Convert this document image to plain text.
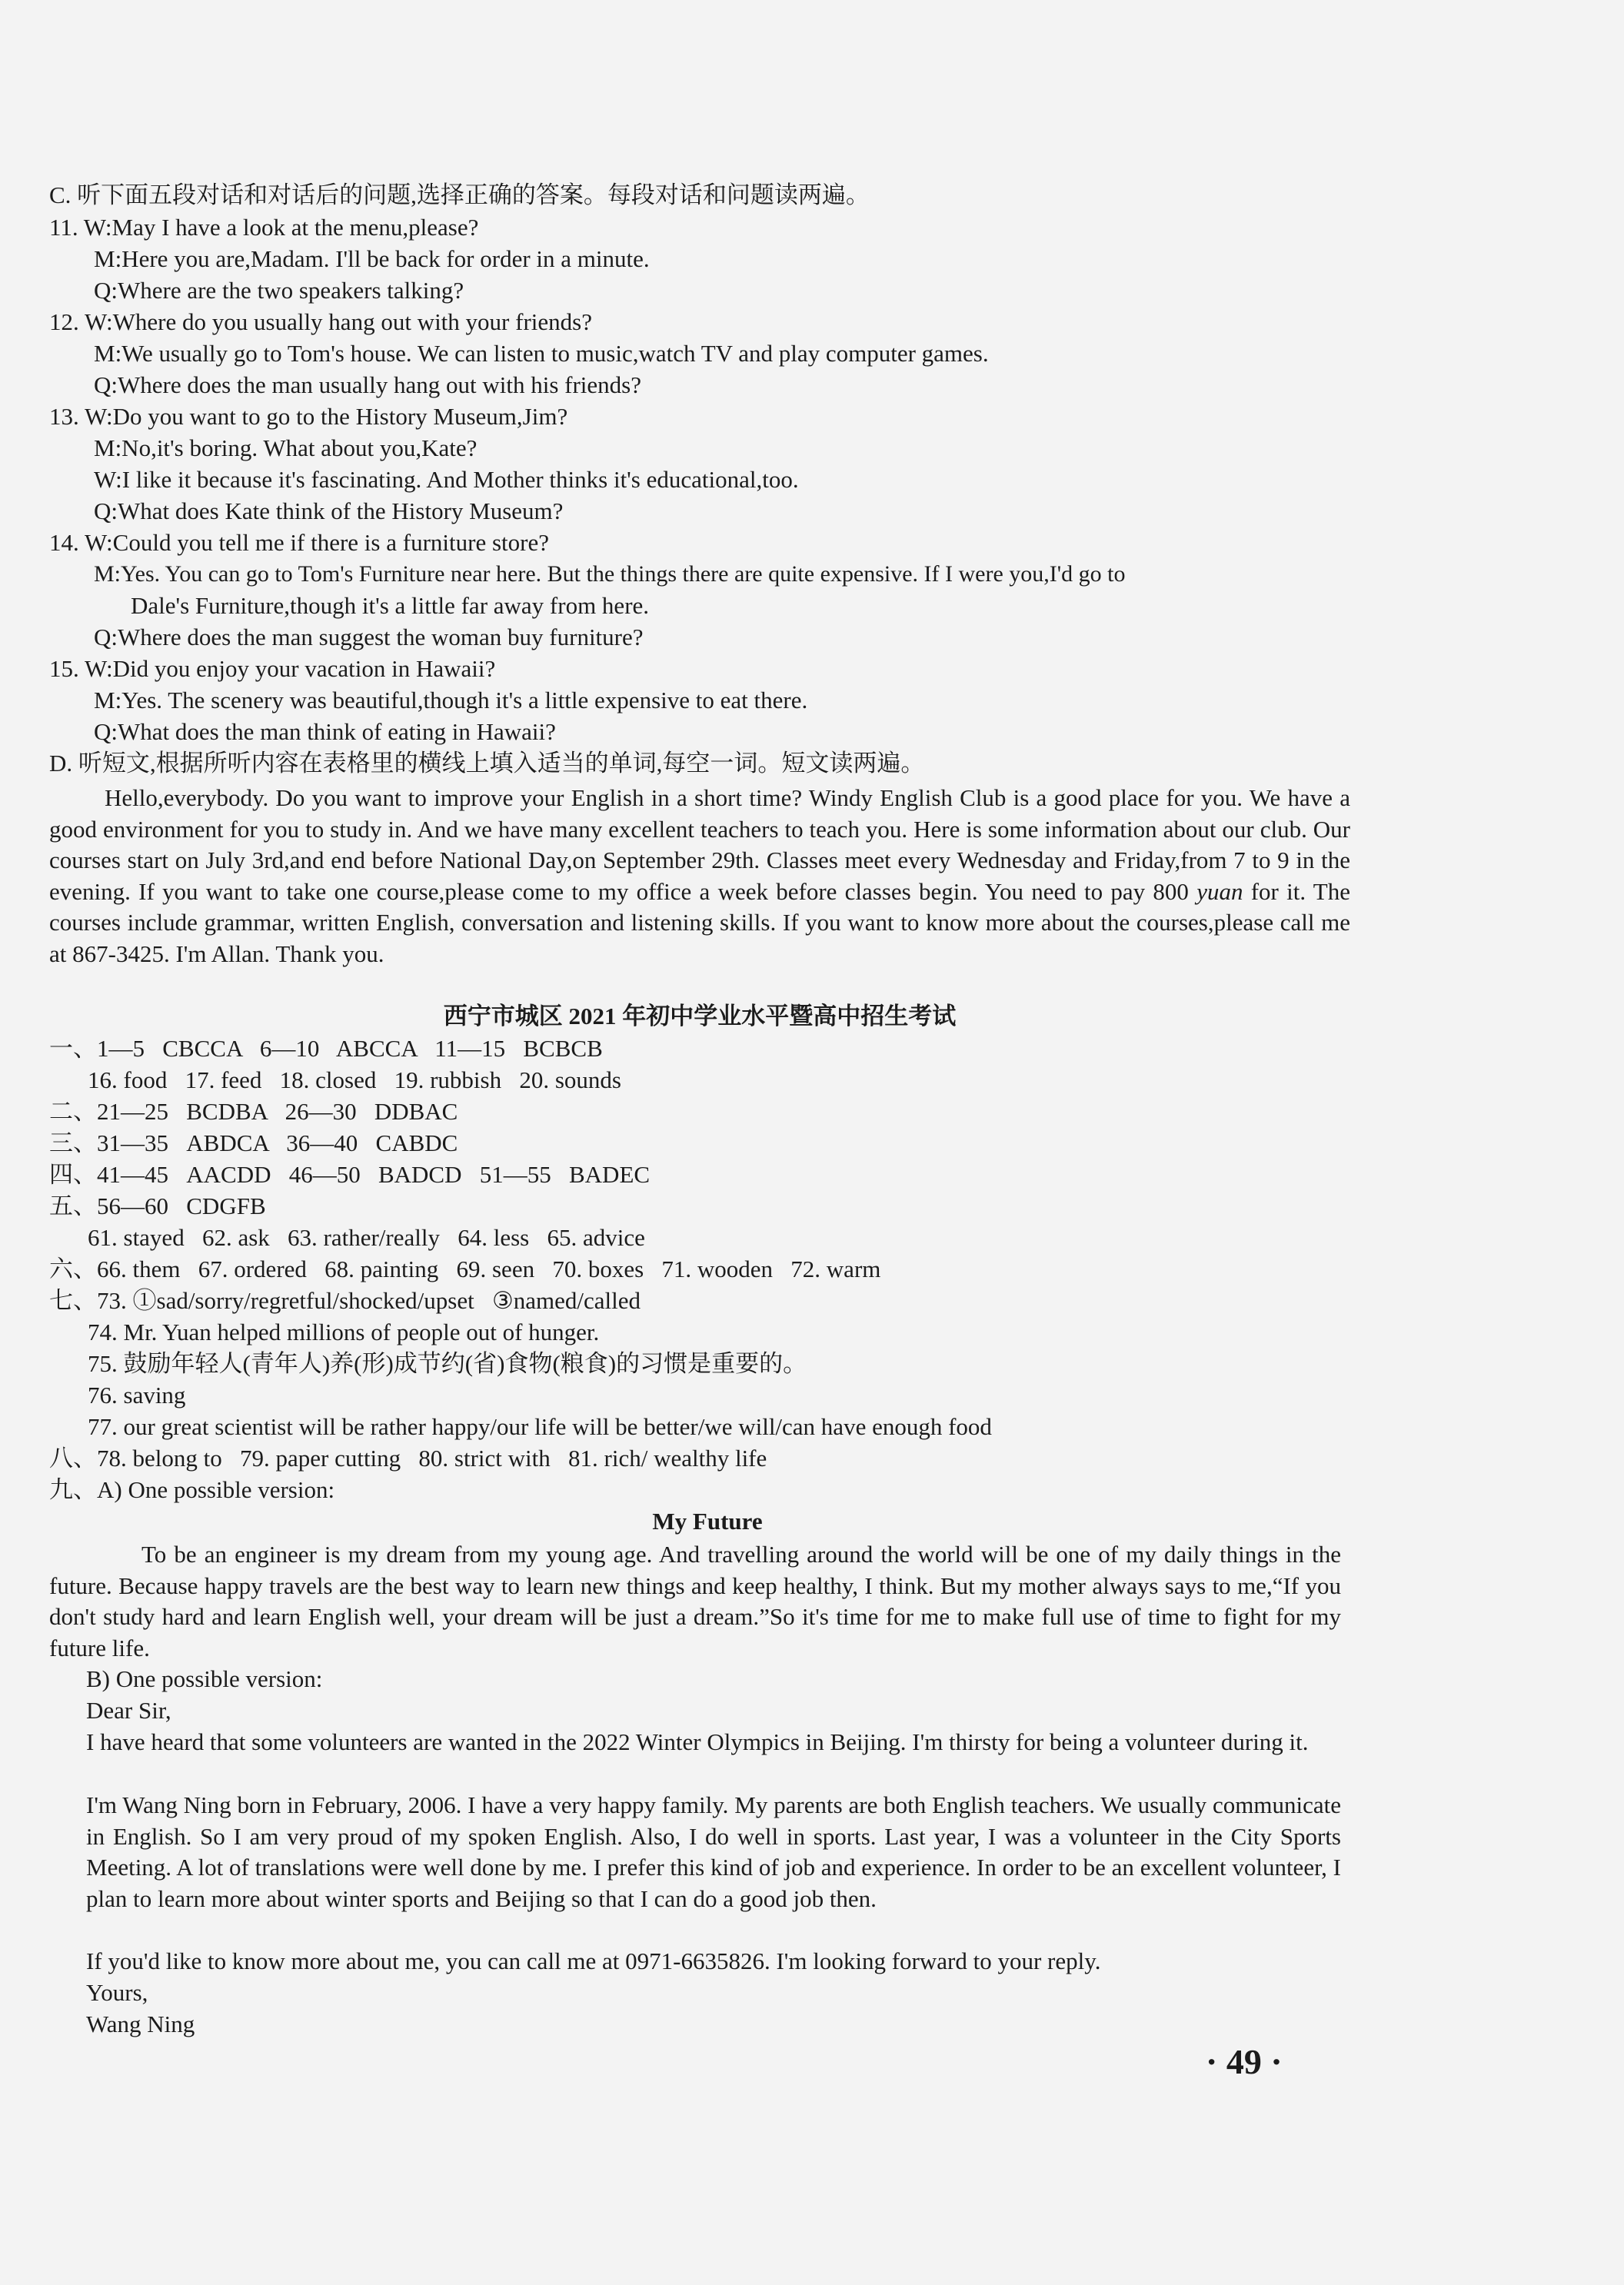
C. 听下面五段对话和对话后的问题,选择正确的答案。每段对话和问题读两遍。
11. W:May I have a look at the menu,please?
M:Here you are,Madam. I'll be back for order in a minute.
Q:Where are the two speakers talking?
12. W:Where do you usually hang out with your friends?
M:We usually go to Tom's house. We can listen to music,watch TV and play computer games.
Q:Where does the man usually hang out with his friends?
13. W:Do you want to go to the History Museum,Jim?
M:No,it's boring. What about you,Kate?
W:I like it because it's fascinating. And Mother thinks it's educational,too.
Q:What does Kate think of the History Museum?
14. W:Could you tell me if there is a furniture store?
M:Yes. You can go to Tom's Furniture near here. But the things there are quite expensive. If I were you,I'd go to
Dale's Furniture,though it's a little far away from here.
Q:Where does the man suggest the woman buy furniture?
15. W:Did you enjoy your vacation in Hawaii?
M:Yes. The scenery was beautiful,though it's a little expensive to eat there.
Q:What does the man think of eating in Hawaii?
D. 听短文,根据所听内容在表格里的横线上填入适当的单词,每空一词。短文读两遍。
Hello,everybody. Do you want to improve your English in a short time? Windy English Club is a good place for you. We have a good environment for you to study in. And we have many excellent teachers to teach you. Here is some information about our club. Our courses start on July 3rd,and end before National Day,on September 29th. Classes meet every Wednesday and Friday,from 7 to 9 in the evening. If you want to take one course,please come to my office a week before classes begin. You need to pay 800 yuan for it. The courses include grammar, written English, conversation and listening skills. If you want to know more about the courses,please call me at 867-3425. I'm Allan. Thank you.
西宁市城区 2021 年初中学业水平暨高中招生考试
一、1—5   CBCCA   6—10   ABCCA   11—15   BCBCB
16. food   17. feed   18. closed   19. rubbish   20. sounds
二、21—25   BCDBA   26—30   DDBAC
三、31—35   ABDCA   36—40   CABDC
四、41—45   AACDD   46—50   BADCD   51—55   BADEC
五、56—60   CDGFB
61. stayed   62. ask   63. rather/really   64. less   65. advice
六、66. them   67. ordered   68. painting   69. seen   70. boxes   71. wooden   72. warm
七、73. ①sad/sorry/regretful/shocked/upset   ③named/called
74. Mr. Yuan helped millions of people out of hunger.
75. 鼓励年轻人(青年人)养(形)成节约(省)食物(粮食)的习惯是重要的。
76. saving
77. our great scientist will be rather happy/our life will be better/we will/can have enough food
八、78. belong to   79. paper cutting   80. strict with   81. rich/ wealthy life
九、A) One possible version:
My Future
To be an engineer is my dream from my young age. And travelling around the world will be one of my daily things in the future. Because happy travels are the best way to learn new things and keep healthy, I think. But my mother always says to me,“If you don't study hard and learn English well, your dream will be just a dream.”So it's time for me to make full use of time to fight for my future life.
B) One possible version:
Dear Sir,
I have heard that some volunteers are wanted in the 2022 Winter Olympics in Beijing. I'm thirsty for being a volunteer during it.
I'm Wang Ning born in February, 2006. I have a very happy family. My parents are both English teachers. We usually communicate in English. So I am very proud of my spoken English. Also, I do well in sports. Last year, I was a volunteer in the City Sports Meeting. A lot of translations were well done by me. I prefer this kind of job and experience. In order to be an excellent volunteer, I plan to learn more about winter sports and Beijing so that I can do a good job then.
If you'd like to know more about me, you can call me at 0971-6635826. I'm looking forward to your reply.
Yours,
Wang Ning
· 49 ·
